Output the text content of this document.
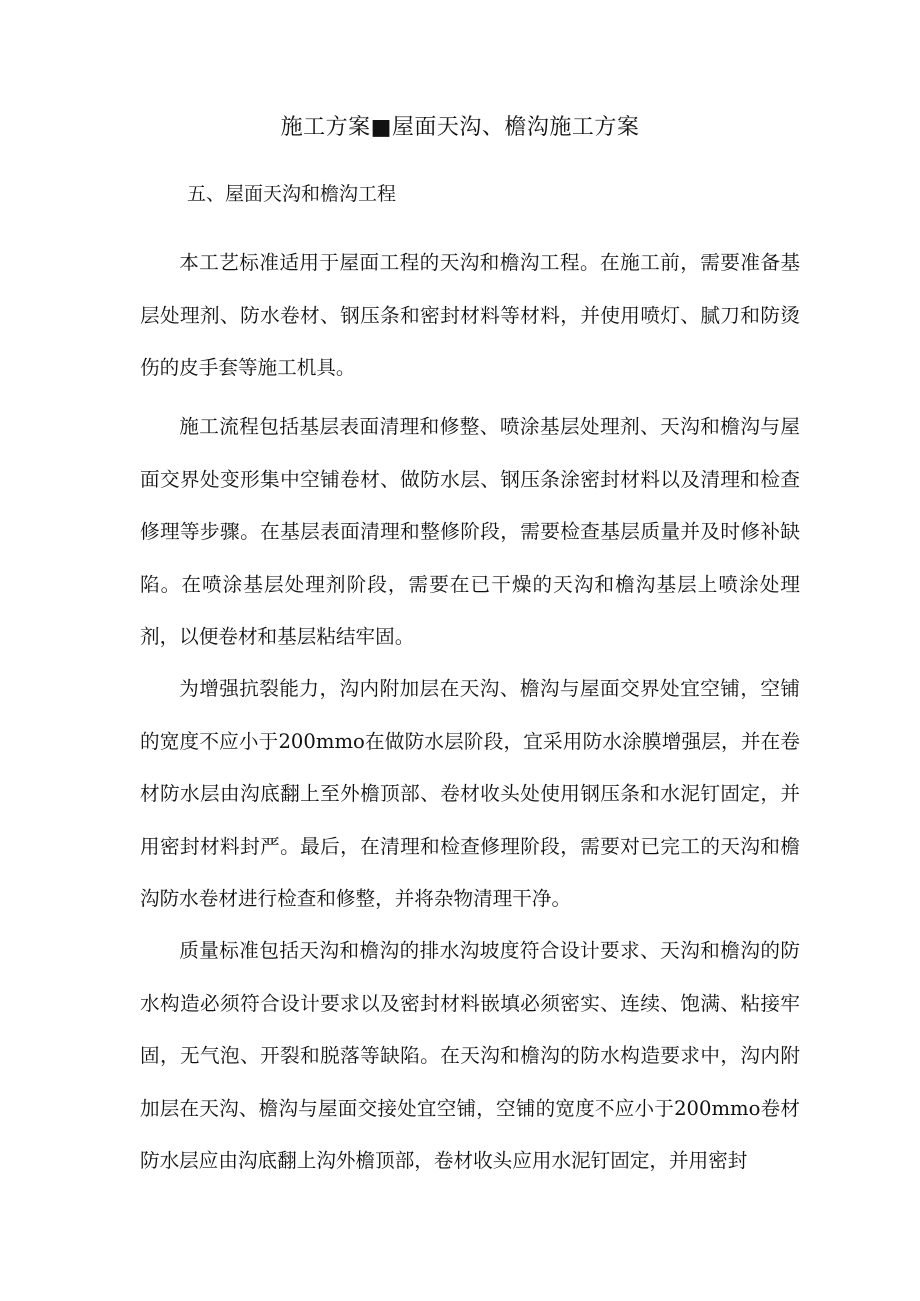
施工方案■屋面天沟、檐沟施工方案
五、屋面天沟和檐沟工程

本工艺标准适用于屋面工程的天沟和檐沟工程。在施工前，需要准备基层处理剂、防水卷材、钢压条和密封材料等材料，并使用喷灯、腻刀和防烫伤的皮手套等施工机具。

施工流程包括基层表面清理和修整、喷涂基层处理剂、天沟和檐沟与屋面交界处变形集中空铺卷材、做防水层、钢压条涂密封材料以及清理和检查修理等步骤。在基层表面清理和整修阶段，需要检查基层质量并及时修补缺陷。在喷涂基层处理剂阶段，需要在已干燥的天沟和檐沟基层上喷涂处理剂，以便卷材和基层粘结牢固。

为增强抗裂能力，沟内附加层在天沟、檐沟与屋面交界处宜空铺，空铺的宽度不应小于200mmo在做防水层阶段，宜采用防水涂膜增强层，并在卷材防水层由沟底翻上至外檐顶部、卷材收头处使用钢压条和水泥钉固定，并用密封材料封严。最后，在清理和检查修理阶段，需要对已完工的天沟和檐沟防水卷材进行检查和修整，并将杂物清理干净。

质量标准包括天沟和檐沟的排水沟坡度符合设计要求、天沟和檐沟的防水构造必须符合设计要求以及密封材料嵌填必须密实、连续、饱满、粘接牢固，无气泡、开裂和脱落等缺陷。在天沟和檐沟的防水构造要求中，沟内附加层在天沟、檐沟与屋面交接处宜空铺，空铺的宽度不应小于200mmo卷材防水层应由沟底翻上沟外檐顶部，卷材收头应用水泥钉固定，并用密封
